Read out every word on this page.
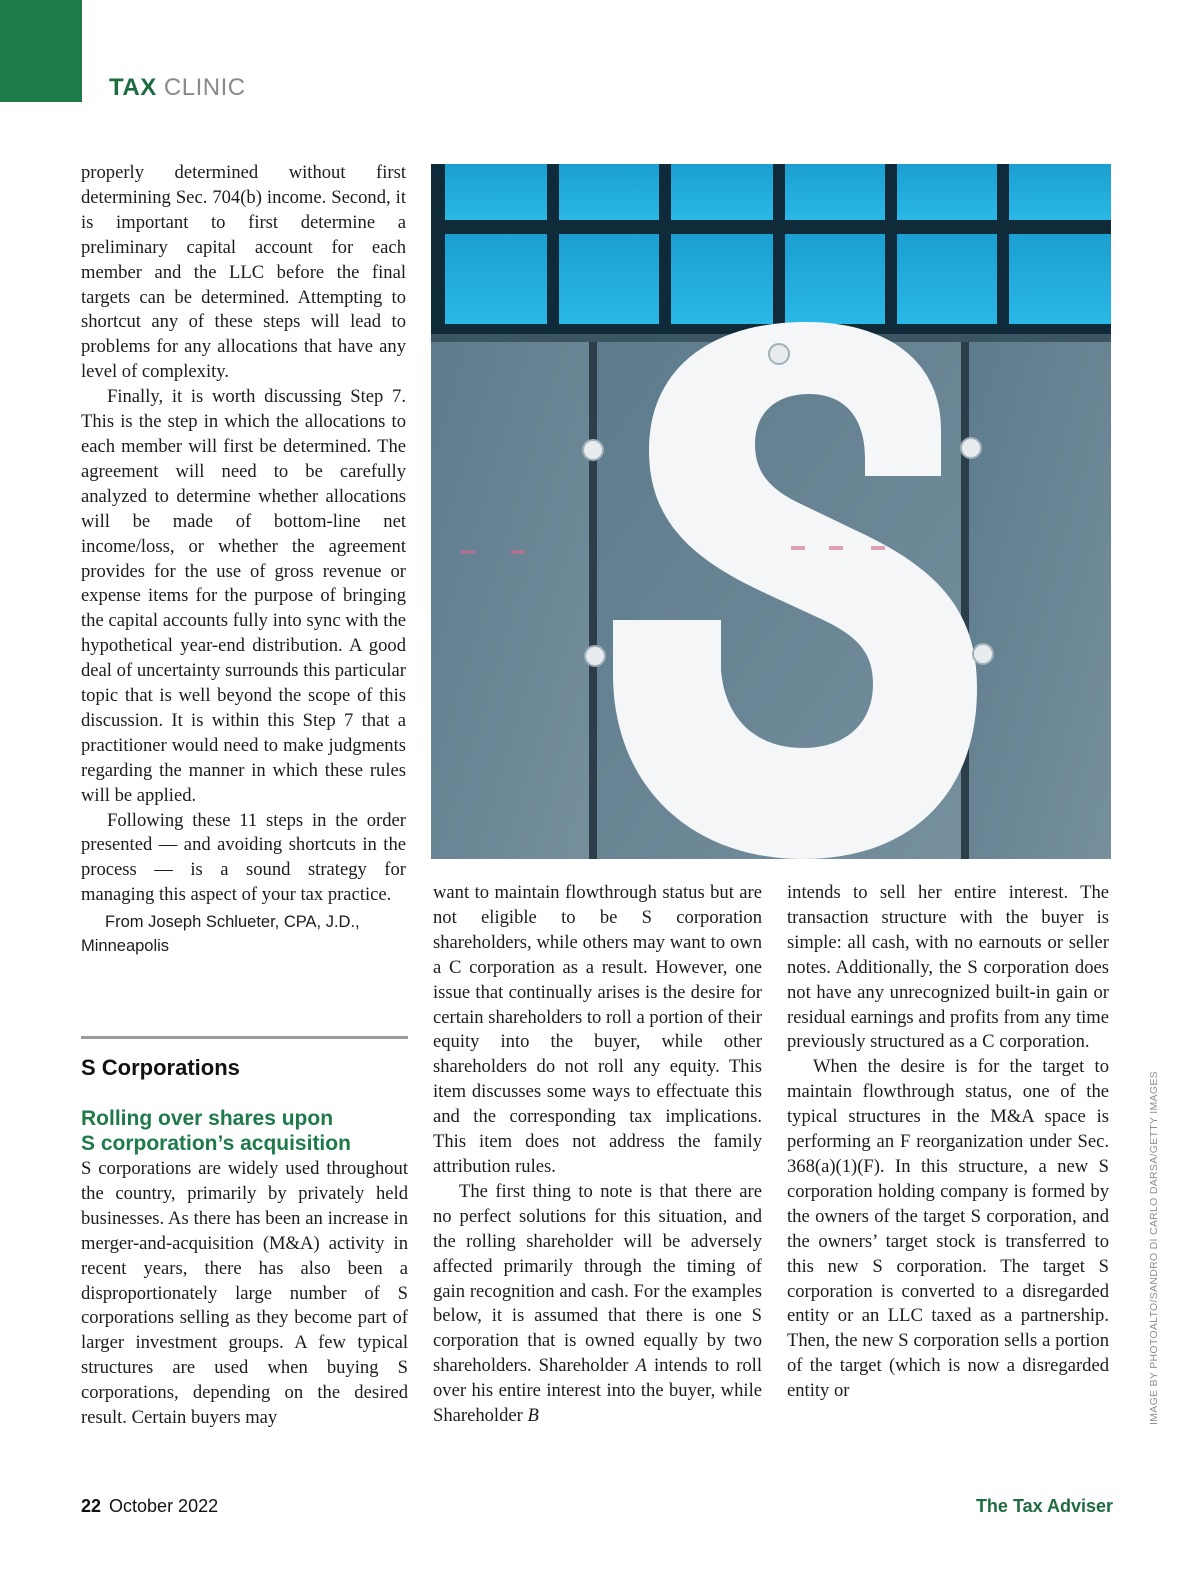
TAX CLINIC

properly determined without first determining Sec. 704(b) income. Second, it is important to first determine a preliminary capital account for each member and the LLC before the final targets can be determined. Attempting to shortcut any of these steps will lead to problems for any allocations that have any level of complexity.

Finally, it is worth discussing Step 7. This is the step in which the allocations to each member will first be determined. The agreement will need to be carefully analyzed to determine whether allocations will be made of bottom-line net income/loss, or whether the agreement provides for the use of gross revenue or expense items for the purpose of bringing the capital accounts fully into sync with the hypothetical year-end distribution. A good deal of uncertainty surrounds this particular topic that is well beyond the scope of this discussion. It is within this Step 7 that a practitioner would need to make judgments regarding the manner in which these rules will be applied.

Following these 11 steps in the order presented — and avoiding shortcuts in the process — is a sound strategy for managing this aspect of your tax practice.

From Joseph Schlueter, CPA, J.D.,
Minneapolis
S Corporations
Rolling over shares upon
S corporation’s acquisition

S corporations are widely used throughout the country, primarily by privately held businesses. As there has been an increase in merger-and-acquisition (M&A) activity in recent years, there has also been a disproportionately large number of S corporations selling as they become part of larger investment groups. A few typical structures are used when buying S corporations, depending on the desired result. Certain buyers may

want to maintain flowthrough status but are not eligible to be S corporation shareholders, while others may want to own a C corporation as a result. However, one issue that continually arises is the desire for certain shareholders to roll a portion of their equity into the buyer, while other shareholders do not roll any equity. This item discusses some ways to effectuate this and the corresponding tax implications. This item does not address the family attribution rules.

The first thing to note is that there are no perfect solutions for this situation, and the rolling shareholder will be adversely affected primarily through the timing of gain recognition and cash. For the examples below, it is assumed that there is one S corporation that is owned equally by two shareholders. Shareholder A intends to roll over his entire interest into the buyer, while Shareholder B

intends to sell her entire interest. The transaction structure with the buyer is simple: all cash, with no earnouts or seller notes. Additionally, the S corporation does not have any unrecognized built-in gain or residual earnings and profits from any time previously structured as a C corporation.

When the desire is for the target to maintain flowthrough status, one of the typical structures in the M&A space is performing an F reorganization under Sec. 368(a)(1)(F). In this structure, a new S corporation holding company is formed by the owners of the target S corporation, and the owners’ target stock is transferred to this new S corporation. The target S corporation is converted to a disregarded entity or an LLC taxed as a partnership. Then, the new S corporation sells a portion of the target (which is now a disregarded entity or	IMAGE BY PHOTOALTO/SANDRO DI CARLO DARSA/GETTY IMAGES
22 October 2022	The Tax Adviser
